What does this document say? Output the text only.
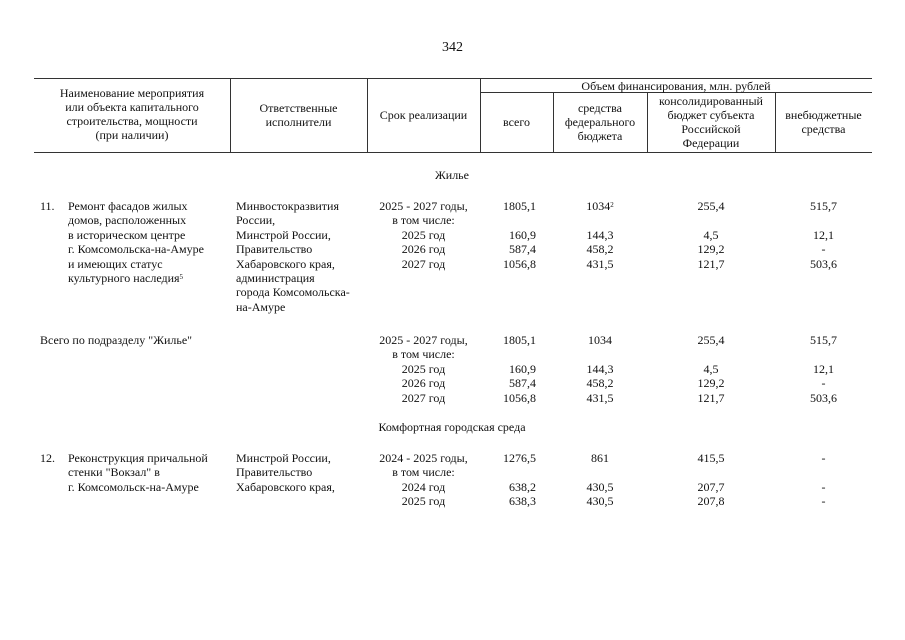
342
Наименование мероприятия
или объекта капитального
строительства, мощности
(при наличии)
Ответственные
исполнители	Срок реализации
Объем финансирования, млн. рублей
всего
средства
федерального
бюджета
консолидированный
бюджет субъекта
Российской
Федерации
внебюджетные
средства
Жилье
11. Ремонт фасадов жилых
домов, расположенных
в историческом центре
г. Комсомольска-на-Амуре
и имеющих статус
культурного наследия$^5$
Минвостокразвития
России,
Минстрой России,
Правительство
Хабаровского края,
администрация
города Комсомольска-
на-Амуре
2025 - 2027 годы,
в том числе:
2025 год
2026 год
2027 год
1805,1
160,9
587,4
1056,8
1034$^2$
144,3
458,2
431,5
255,4
4,5
129,2
121,7
515,7
12,1
-
503,6
Всего по подразделу "Жилье"	2025 - 2027 годы,
в том числе:
2025 год
2026 год
2027 год
1805,1
160,9
587,4
1056,8
1034
144,3
458,2
431,5
255,4
4,5
129,2
121,7
515,7
12,1
-
503,6
Комфортная городская среда
12. Реконструкция причальной
стенки "Вокзал" в
г. Комсомольск-на-Амуре
Минстрой России,
Правительство
Хабаровского края,
2024 - 2025 годы,
в том числе:
2024 год
2025 год
1276,5
638,2
638,3
861
430,5
430,5
415,5
207,7
207,8
-
-
-
